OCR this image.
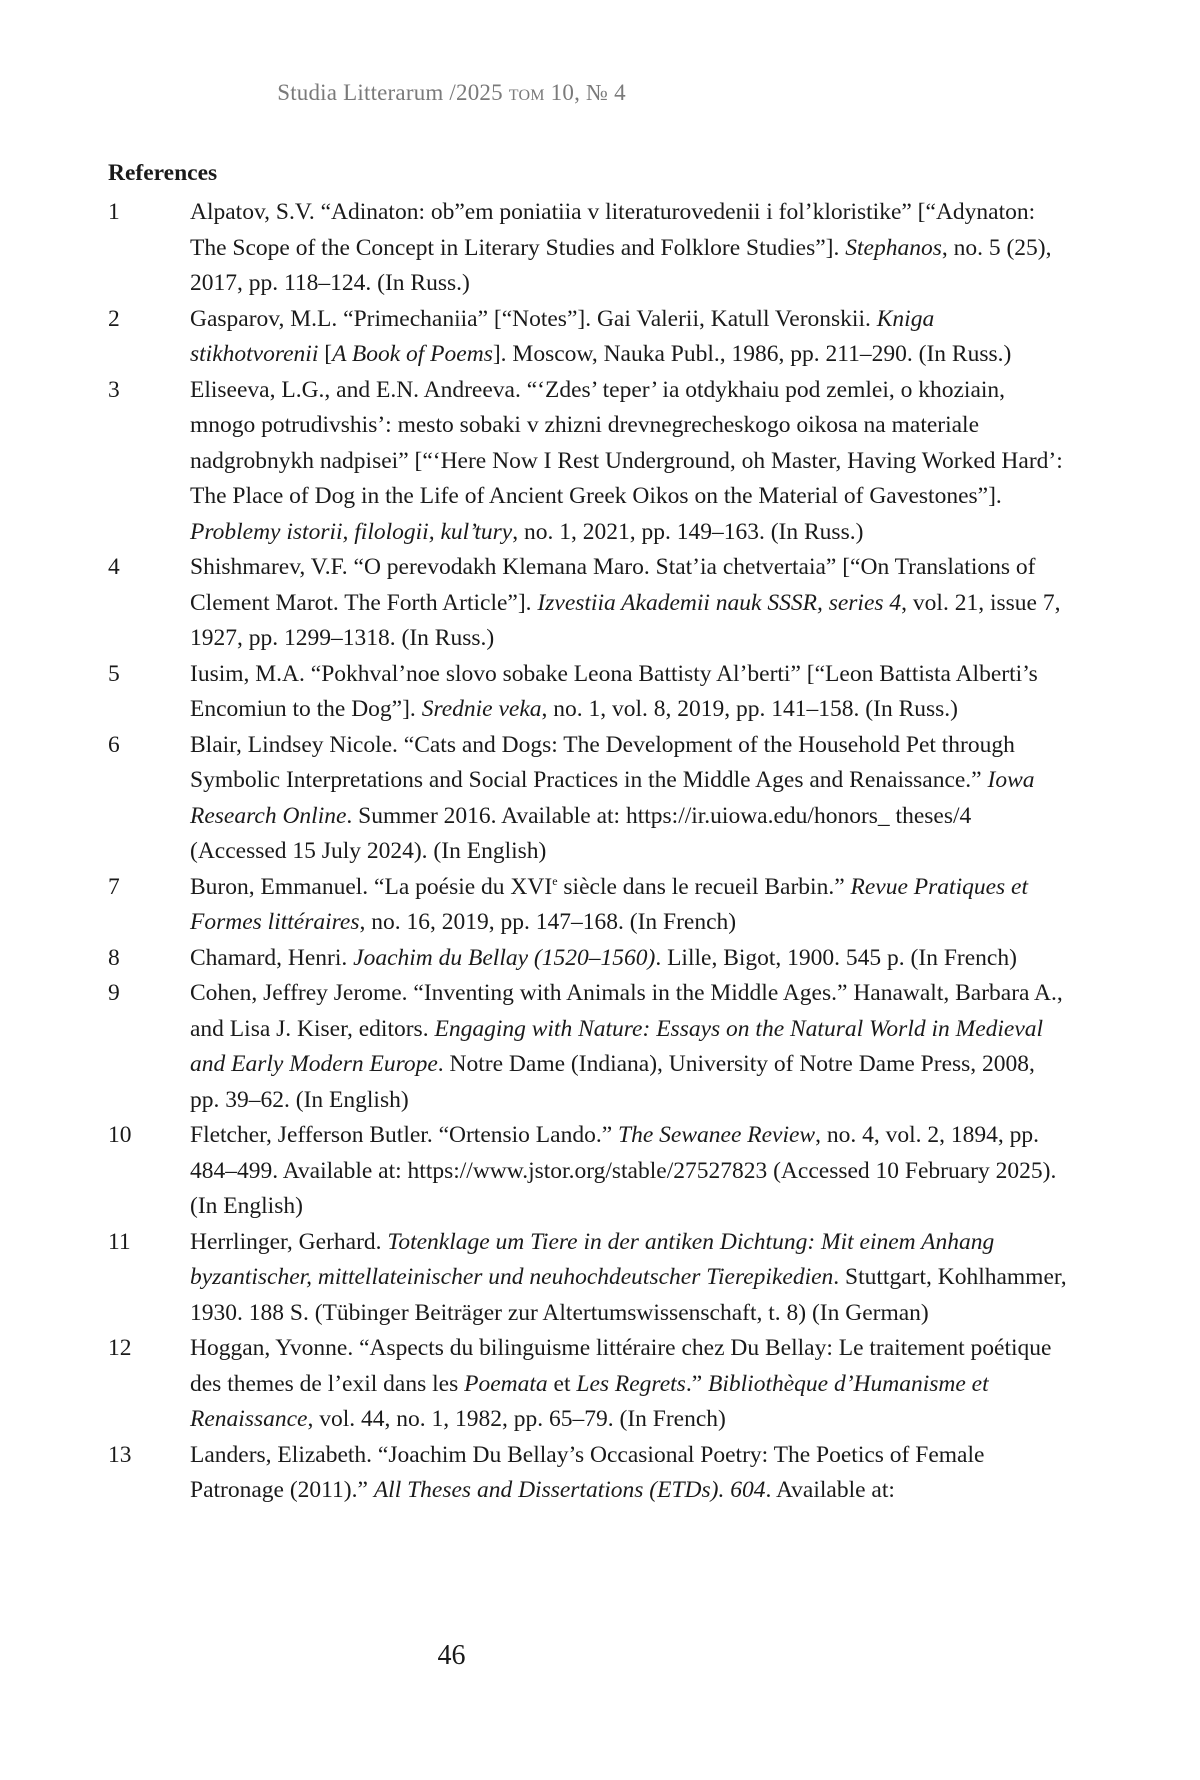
Studia Litterarum /2025 том 10, № 4
References
1	Alpatov, S.V. “Adinaton: ob”em poniatiia v literaturovedenii i fol’kloristike” [“Adynaton: The Scope of the Concept in Literary Studies and Folklore Studies”]. Stephanos, no. 5 (25), 2017, pp. 118–124. (In Russ.)
2	Gasparov, M.L. “Primechaniia” [“Notes”]. Gai Valerii, Katull Veronskii. Kniga stikhotvorenii [A Book of Poems]. Moscow, Nauka Publ., 1986, pp. 211–290. (In Russ.)
3	Eliseeva, L.G., and E.N. Andreeva. “‘Zdes’ teper’ ia otdykhaiu pod zemlei, o khoziain, mnogo potrudivshis’: mesto sobaki v zhizni drevnegrecheskogo oikosa na materiale nadgrobnykh nadpisei” [“‘Here Now I Rest Underground, oh Master, Having Worked Hard’: The Place of Dog in the Life of Ancient Greek Oikos on the Material of Gavestones”]. Problemy istorii, filologii, kul’tury, no. 1, 2021, pp. 149–163. (In Russ.)
4	Shishmarev, V.F. “O perevodakh Klemana Maro. Stat’ia chetvertaia” [“On Translations of Clement Marot. The Forth Article”]. Izvestiia Akademii nauk SSSR, series 4, vol. 21, issue 7, 1927, pp. 1299–1318. (In Russ.)
5	Iusim, M.A. “Pokhval’noe slovo sobake Leona Battisty Al’berti” [“Leon Battista Alberti’s Encomiun to the Dog”]. Srednie veka, no. 1, vol. 8, 2019, pp. 141–158. (In Russ.)
6	Blair, Lindsey Nicole. “Cats and Dogs: The Development of the Household Pet through Symbolic Interpretations and Social Practices in the Middle Ages and Renaissance.” Iowa Research Online. Summer 2016. Available at: https://ir.uiowa.edu/honors_ theses/4 (Accessed 15 July 2024). (In English)
7	Buron, Emmanuel. “La poésie du XVIe siècle dans le recueil Barbin.” Revue Pratiques et Formes littéraires, no. 16, 2019, pp. 147–168. (In French)
8	Chamard, Henri. Joachim du Bellay (1520–1560). Lille, Bigot, 1900. 545 p. (In French)
9	Cohen, Jeffrey Jerome. “Inventing with Animals in the Middle Ages.” Hanawalt, Barbara A., and Lisa J. Kiser, editors. Engaging with Nature: Essays on the Natural World in Medieval and Early Modern Europe. Notre Dame (Indiana), University of Notre Dame Press, 2008, pp. 39–62. (In English)
10	Fletcher, Jefferson Butler. “Ortensio Lando.” The Sewanee Review, no. 4, vol. 2, 1894, pp. 484–499. Available at: https://www.jstor.org/stable/27527823 (Accessed 10 February 2025). (In English)
11	Herrlinger, Gerhard. Totenklage um Tiere in der antiken Dichtung: Mit einem Anhang byzantischer, mittellateinischer und neuhochdeutscher Tierepikedien. Stuttgart, Kohlhammer, 1930. 188 S. (Tübinger Beiträger zur Altertumswissenschaft, t. 8) (In German)
12	Hoggan, Yvonne. “Aspects du bilinguisme littéraire chez Du Bellay: Le traitement poétique des themes de l’exil dans les Poemata et Les Regrets.” Bibliothèque d’Humanisme et Renaissance, vol. 44, no. 1, 1982, pp. 65–79. (In French)
13	Landers, Elizabeth. “Joachim Du Bellay’s Occasional Poetry: The Poetics of Female Patronage (2011).” All Theses and Dissertations (ETDs). 604. Available at:
46
